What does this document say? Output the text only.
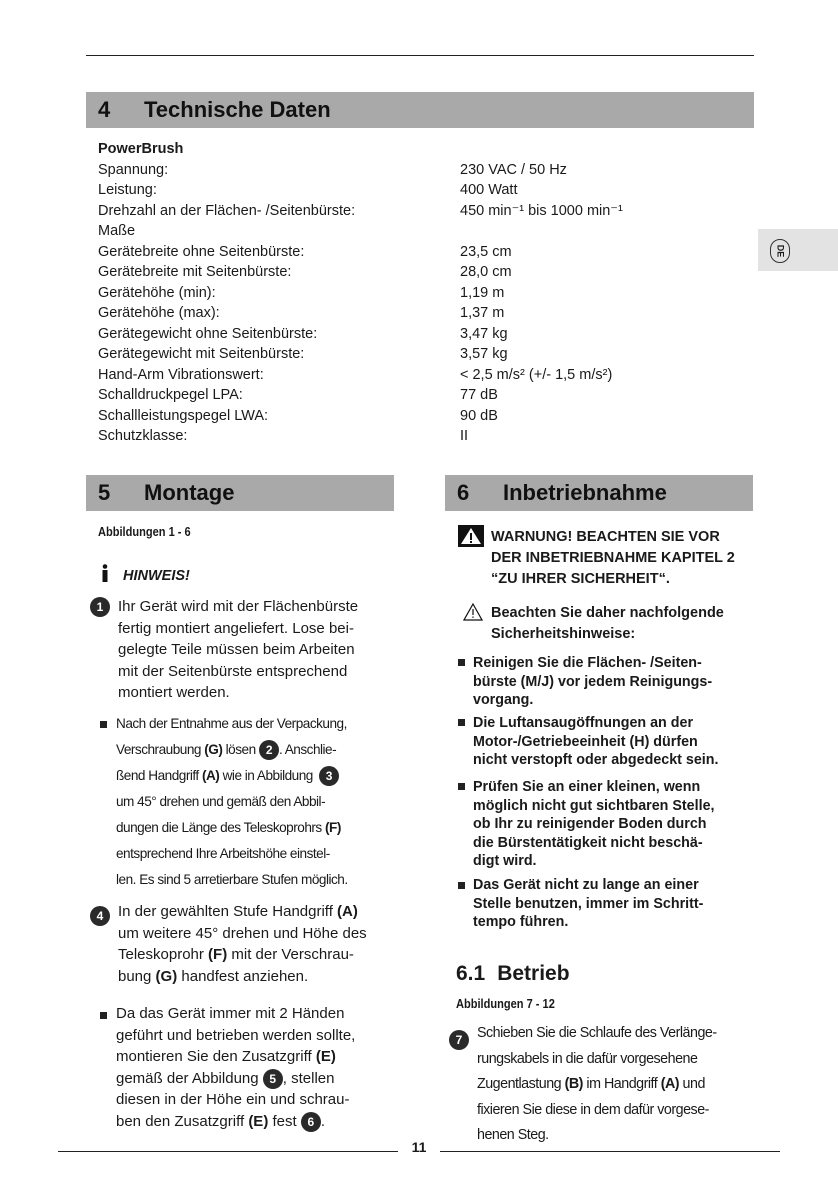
4	Technische Daten
PowerBrush
Spannung:	230 VAC / 50 Hz
Leistung:	400 Watt
Drehzahl an der Flächen- /Seitenbürste:	450 min⁻¹ bis 1000 min⁻¹
Maße
Gerätebreite ohne Seitenbürste:	23,5 cm
Gerätebreite mit Seitenbürste:	28,0 cm
Gerätehöhe (min):	1,19 m
Gerätehöhe (max):	1,37 m
Gerätegewicht ohne Seitenbürste:	3,47 kg
Gerätegewicht mit Seitenbürste:	3,57 kg
Hand-Arm Vibrationswert:	< 2,5 m/s² (+/- 1,5 m/s²)
Schalldruckpegel LPA:	77 dB
Schallleistungspegel LWA:	90 dB
Schutzklasse:	II
DE
5	Montage
Abbildungen 1 - 6
HINWEIS!
1 Ihr Gerät wird mit der Flächenbürste
fertig montiert angeliefert. Lose bei-
gelegte Teile müssen beim Arbeiten
mit der Seitenbürste entsprechend
montiert werden.
Nach der Entnahme aus der Verpackung,
Verschraubung (G) lösen 2 . Anschlie-
ßend Handgriff (A) wie in Abbildung 3
um 45° drehen und gemäß den Abbil-
dungen die Länge des Teleskoprohrs (F)
entsprechend Ihre Arbeitshöhe einstel-
len. Es sind 5 arretierbare Stufen möglich.
4 In der gewählten Stufe Handgriff (A)
um weitere 45° drehen und Höhe des
Teleskoprohr (F) mit der Verschrau-
bung (G) handfest anziehen.
Da das Gerät immer mit 2 Händen
geführt und betrieben werden sollte,
montieren Sie den Zusatzgriff (E)
gemäß der Abbildung 5 , stellen
diesen in der Höhe ein und schrau-
ben den Zusatzgriff (E) fest 6 .
6	Inbetriebnahme
WARNUNG! BEACHTEN SIE VOR
DER INBETRIEBNAHME KAPITEL 2
“ZU IHRER SICHERHEIT“.
Beachten Sie daher nachfolgende
Sicherheitshinweise:
Reinigen Sie die Flächen- /Seiten-
bürste (M/J) vor jedem Reinigungs-
vorgang.
Die Luftansaugöffnungen an der
Motor-/Getriebeeinheit (H) dürfen
nicht verstopft oder abgedeckt sein.
Prüfen Sie an einer kleinen, wenn
möglich nicht gut sichtbaren Stelle,
ob Ihr zu reinigender Boden durch
die Bürstentätigkeit nicht beschä-
digt wird.
Das Gerät nicht zu lange an einer
Stelle benutzen, immer im Schritt-
tempo führen.
6.1 Betrieb
Abbildungen 7 - 12
7	Schieben Sie die Schlaufe des Verlänge-
rungskabels in die dafür vorgesehene
Zugentlastung (B) im Handgriff (A) und
fixieren Sie diese in dem dafür vorgese-
henen Steg.
11
